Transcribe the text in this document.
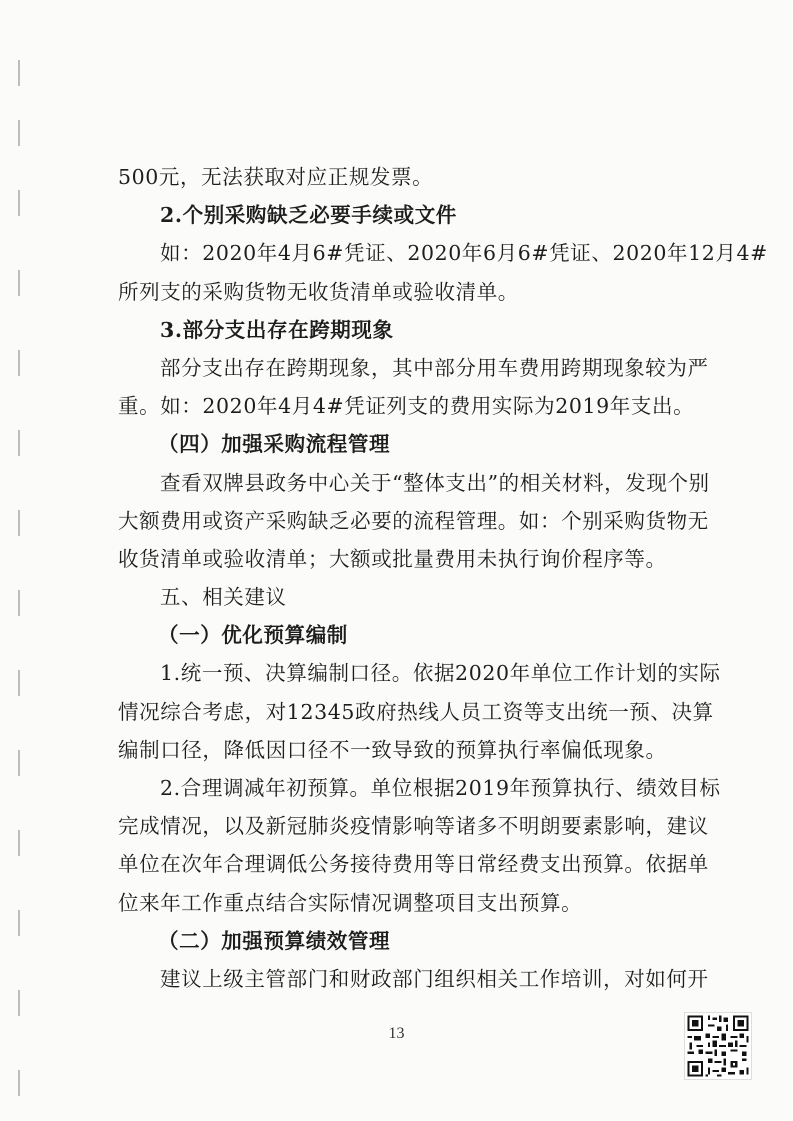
500元，无法获取对应正规发票。
2.个别采购缺乏必要手续或文件
如：2020年4月6#凭证、2020年6月6#凭证、2020年12月4#
所列支的采购货物无收货清单或验收清单。
3.部分支出存在跨期现象
部分支出存在跨期现象，其中部分用车费用跨期现象较为严
重。如：2020年4月4#凭证列支的费用实际为2019年支出。
（四）加强采购流程管理
查看双牌县政务中心关于“整体支出”的相关材料，发现个别
大额费用或资产采购缺乏必要的流程管理。如：个别采购货物无
收货清单或验收清单；大额或批量费用未执行询价程序等。
五、相关建议
（一）优化预算编制
1.统一预、决算编制口径。依据2020年单位工作计划的实际
情况综合考虑，对12345政府热线人员工资等支出统一预、决算
编制口径，降低因口径不一致导致的预算执行率偏低现象。
2.合理调减年初预算。单位根据2019年预算执行、绩效目标
完成情况，以及新冠肺炎疫情影响等诸多不明朗要素影响，建议
单位在次年合理调低公务接待费用等日常经费支出预算。依据单
位来年工作重点结合实际情况调整项目支出预算。
（二）加强预算绩效管理
建议上级主管部门和财政部门组织相关工作培训，对如何开
13
